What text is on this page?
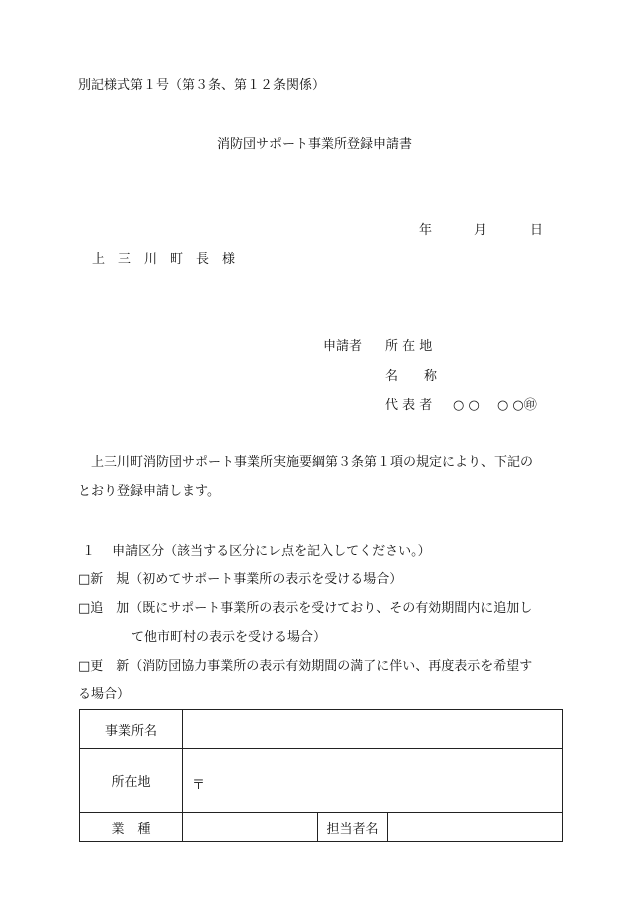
別記様式第１号（第３条、第１２条関係）
消防団サポート事業所登録申請書
年	月	日
上　三　川　町　長　様
申請者 所 在 地
名　　称
代 表 者 ○ ○　 ○ ○㊞
上三川町消防団サポート事業所実施要綱第３条第１項の規定により、下記の
とおり登録申請します。
１　 申請区分（該当する区分にレ点を記入してください。）
□新　規（初めてサポート事業所の表示を受ける場合）
□追　加（既にサポート事業所の表示を受けており、その有効期間内に追加し
て他市町村の表示を受ける場合）
□更　新（消防団協力事業所の表示有効期間の満了に伴い、再度表示を希望す
る場合）
事業所名			
所在地	〒		

業　種		担当者名	
